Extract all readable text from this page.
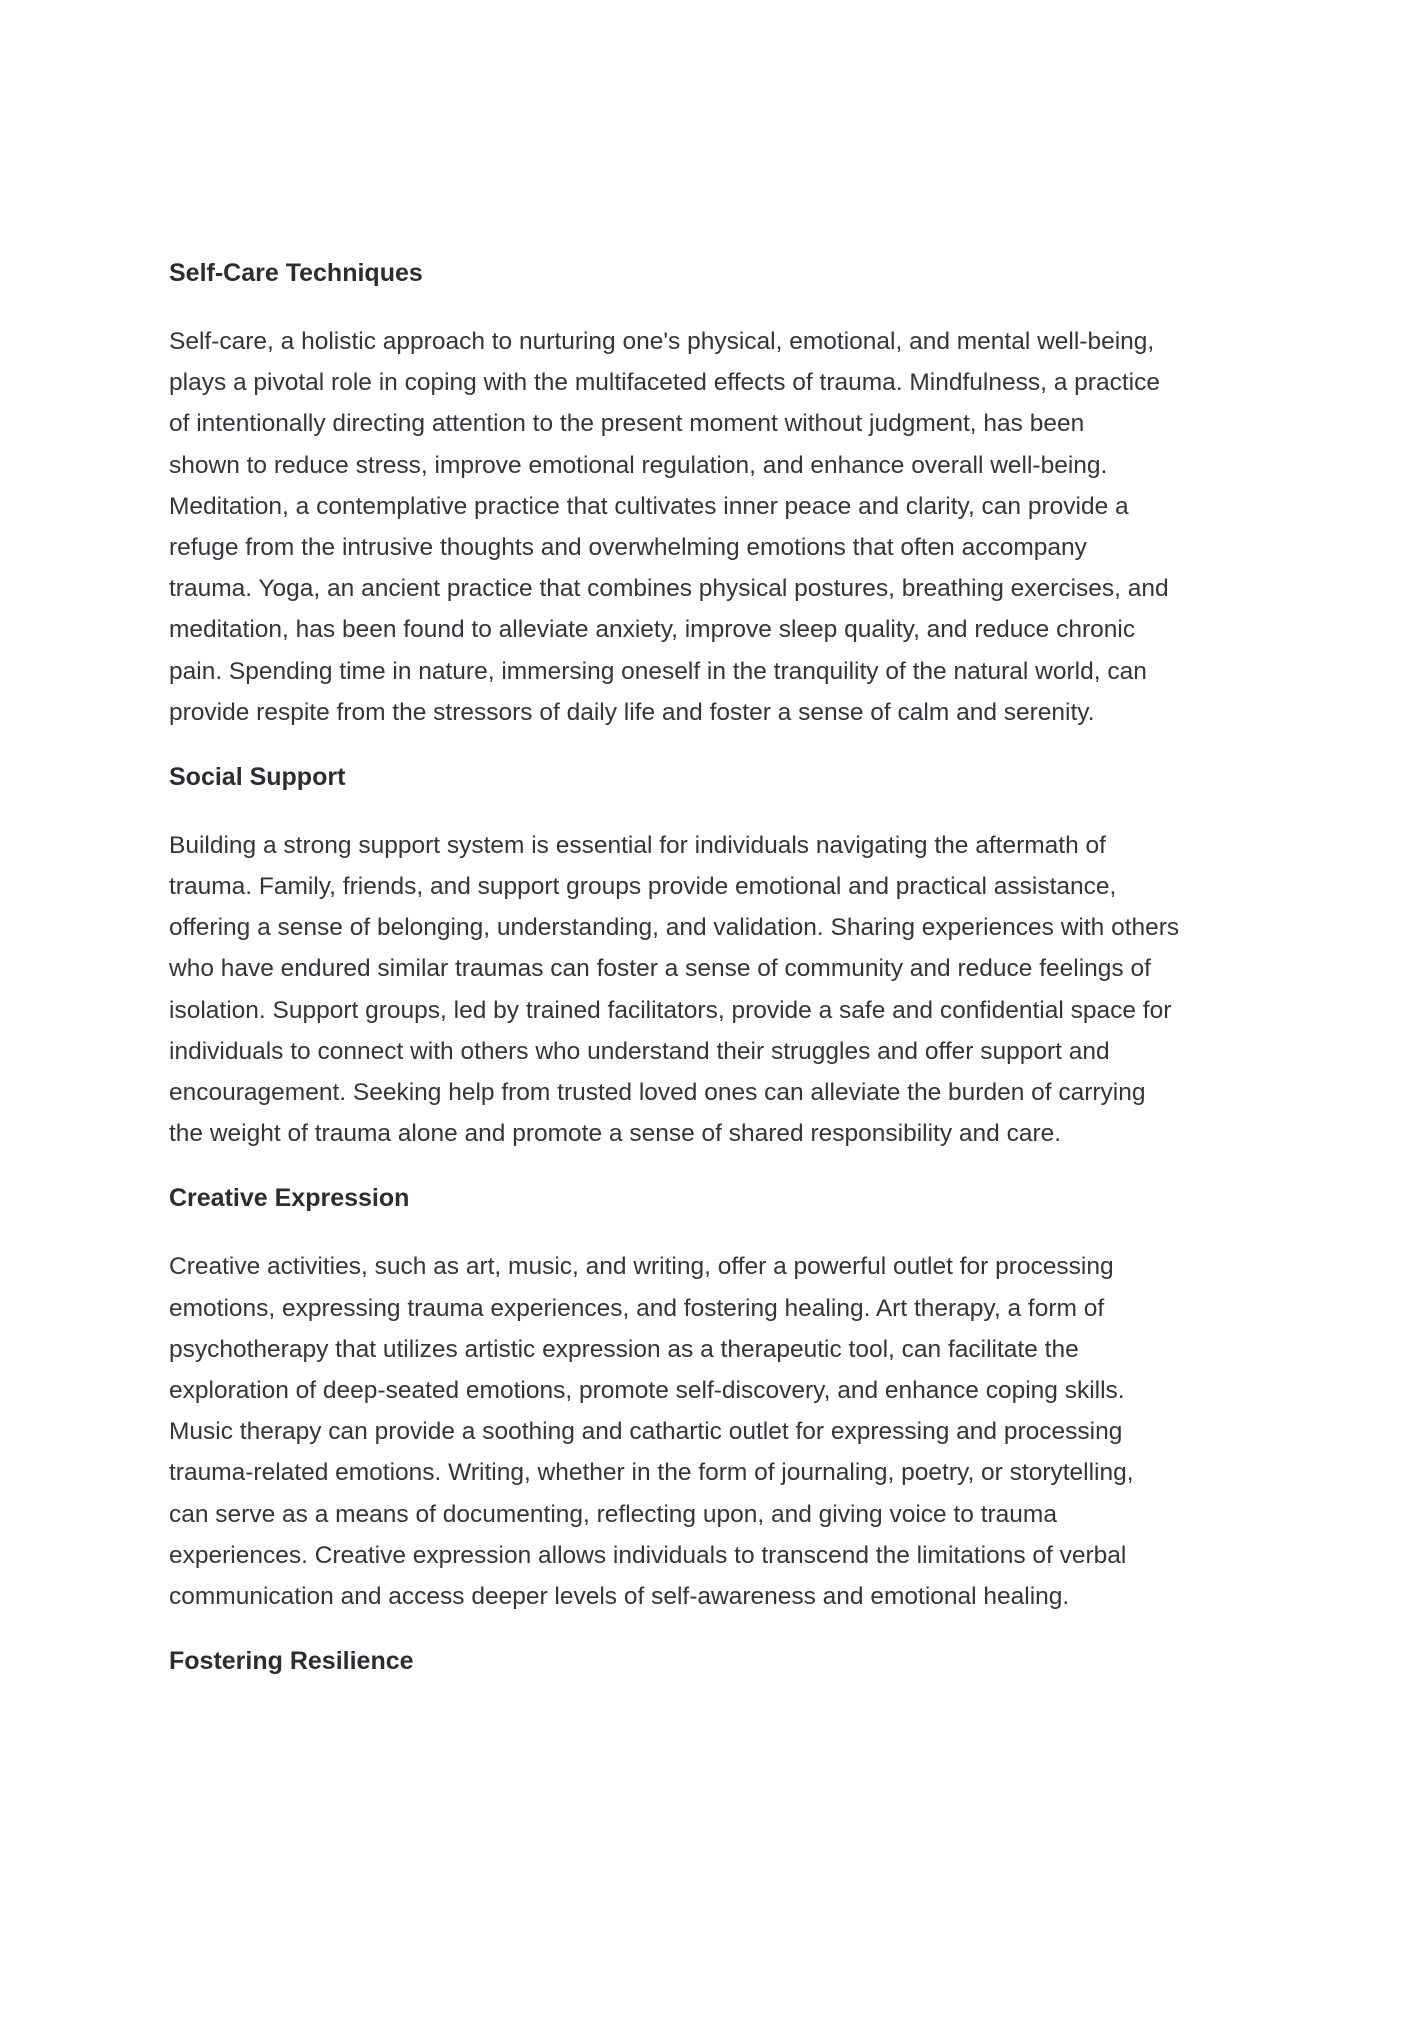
Self-Care Techniques

Self-care, a holistic approach to nurturing one's physical, emotional, and mental well-being,
plays a pivotal role in coping with the multifaceted effects of trauma. Mindfulness, a practice
of intentionally directing attention to the present moment without judgment, has been
shown to reduce stress, improve emotional regulation, and enhance overall well-being.
Meditation, a contemplative practice that cultivates inner peace and clarity, can provide a
refuge from the intrusive thoughts and overwhelming emotions that often accompany
trauma. Yoga, an ancient practice that combines physical postures, breathing exercises, and
meditation, has been found to alleviate anxiety, improve sleep quality, and reduce chronic
pain. Spending time in nature, immersing oneself in the tranquility of the natural world, can
provide respite from the stressors of daily life and foster a sense of calm and serenity.

Social Support

Building a strong support system is essential for individuals navigating the aftermath of
trauma. Family, friends, and support groups provide emotional and practical assistance,
offering a sense of belonging, understanding, and validation. Sharing experiences with others
who have endured similar traumas can foster a sense of community and reduce feelings of
isolation. Support groups, led by trained facilitators, provide a safe and confidential space for
individuals to connect with others who understand their struggles and offer support and
encouragement. Seeking help from trusted loved ones can alleviate the burden of carrying
the weight of trauma alone and promote a sense of shared responsibility and care.

Creative Expression

Creative activities, such as art, music, and writing, offer a powerful outlet for processing
emotions, expressing trauma experiences, and fostering healing. Art therapy, a form of
psychotherapy that utilizes artistic expression as a therapeutic tool, can facilitate the
exploration of deep-seated emotions, promote self-discovery, and enhance coping skills.
Music therapy can provide a soothing and cathartic outlet for expressing and processing
trauma-related emotions. Writing, whether in the form of journaling, poetry, or storytelling,
can serve as a means of documenting, reflecting upon, and giving voice to trauma
experiences. Creative expression allows individuals to transcend the limitations of verbal
communication and access deeper levels of self-awareness and emotional healing.

Fostering Resilience
